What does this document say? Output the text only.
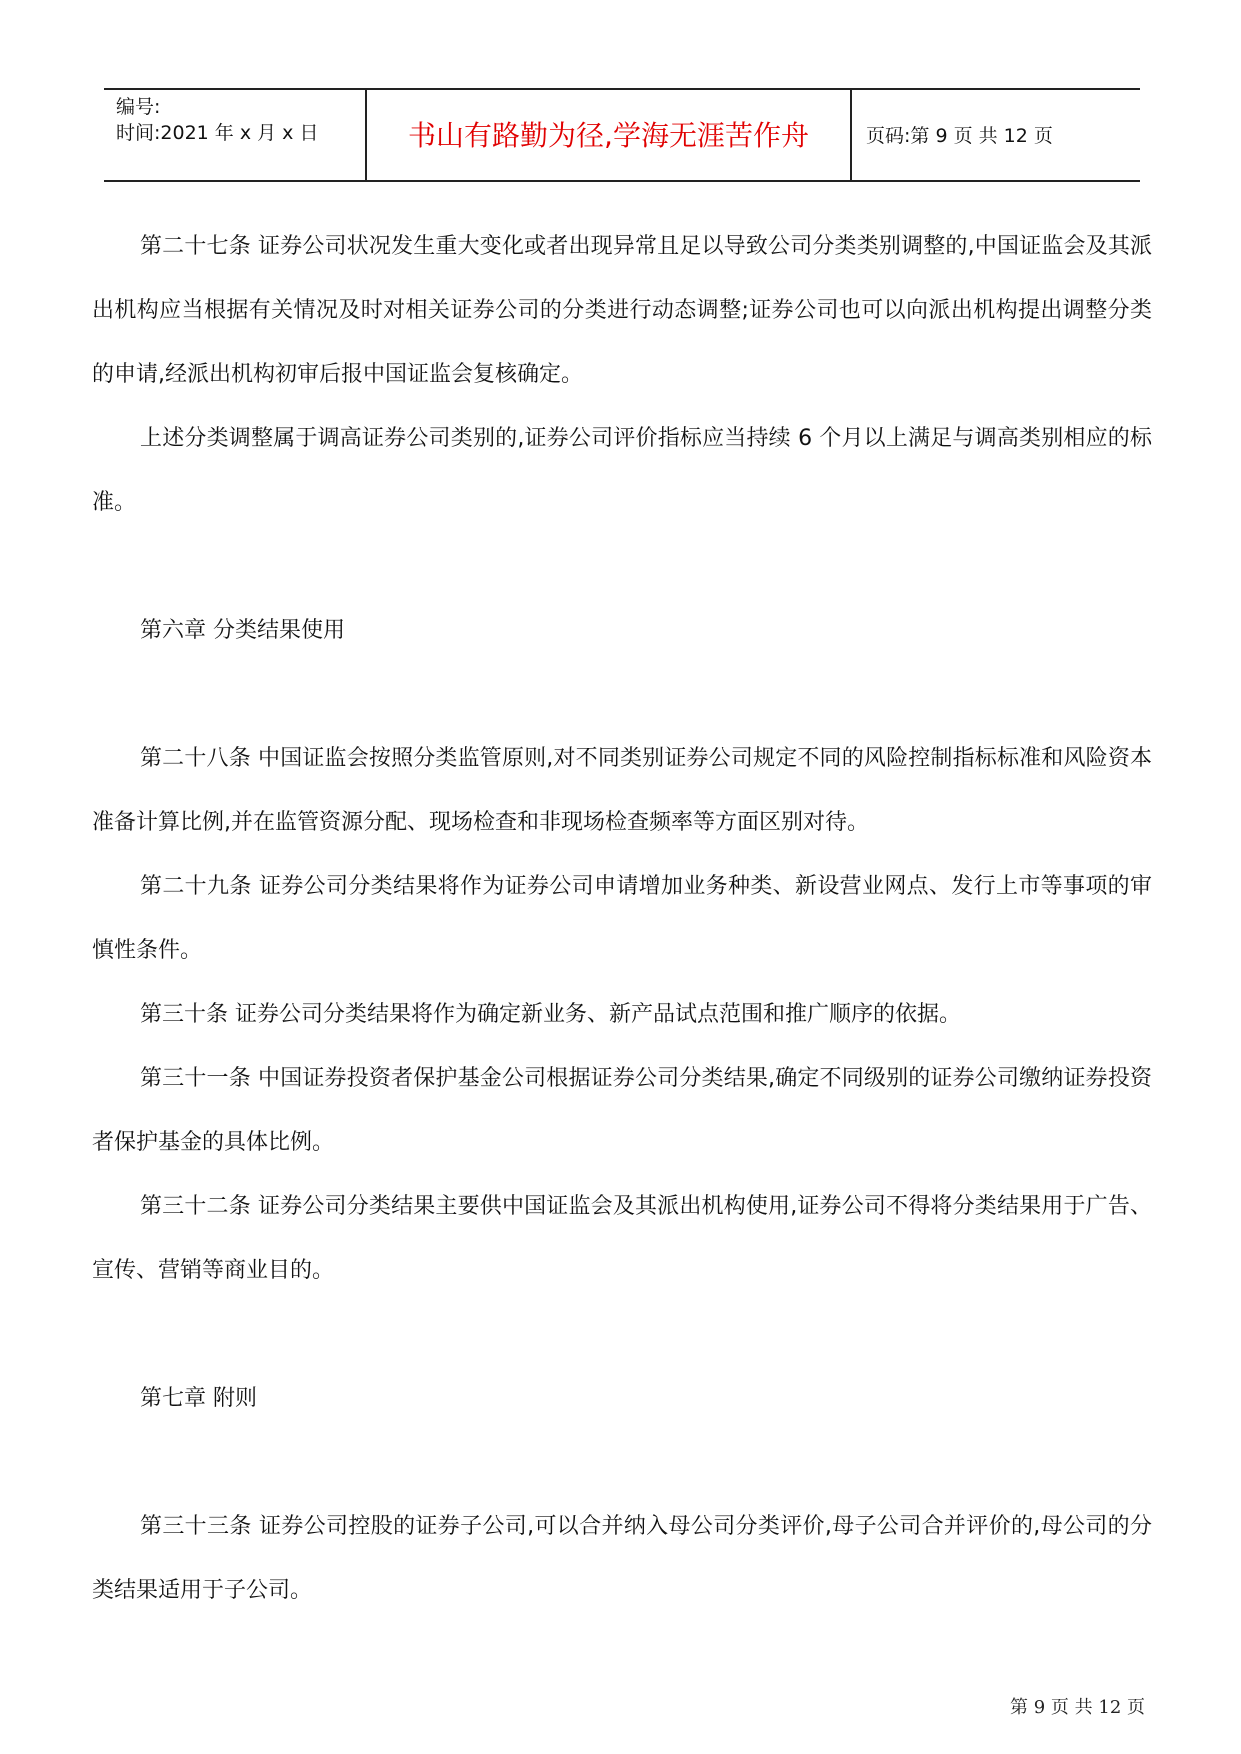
编号:
时间:2021 年 x 月 x 日	书山有路勤为径,学海无涯苦作舟	页码:第 9 页 共 12 页

第二十七条 证券公司状况发生重大变化或者出现异常且足以导致公司分类类别调整的,中国证监会及其派出机构应当根据有关情况及时对相关证券公司的分类进行动态调整;证券公司也可以向派出机构提出调整分类的申请,经派出机构初审后报中国证监会复核确定。

上述分类调整属于调高证券公司类别的,证券公司评价指标应当持续 6 个月以上满足与调高类别相应的标准。

第六章 分类结果使用

第二十八条 中国证监会按照分类监管原则,对不同类别证券公司规定不同的风险控制指标标准和风险资本准备计算比例,并在监管资源分配、现场检查和非现场检查频率等方面区别对待。

第二十九条 证券公司分类结果将作为证券公司申请增加业务种类、新设营业网点、发行上市等事项的审慎性条件。

第三十条 证券公司分类结果将作为确定新业务、新产品试点范围和推广顺序的依据。

第三十一条 中国证券投资者保护基金公司根据证券公司分类结果,确定不同级别的证券公司缴纳证券投资者保护基金的具体比例。

第三十二条 证券公司分类结果主要供中国证监会及其派出机构使用,证券公司不得将分类结果用于广告、宣传、营销等商业目的。

第七章 附则

第三十三条 证券公司控股的证券子公司,可以合并纳入母公司分类评价,母子公司合并评价的,母公司的分类结果适用于子公司。

第 9 页 共 12 页
